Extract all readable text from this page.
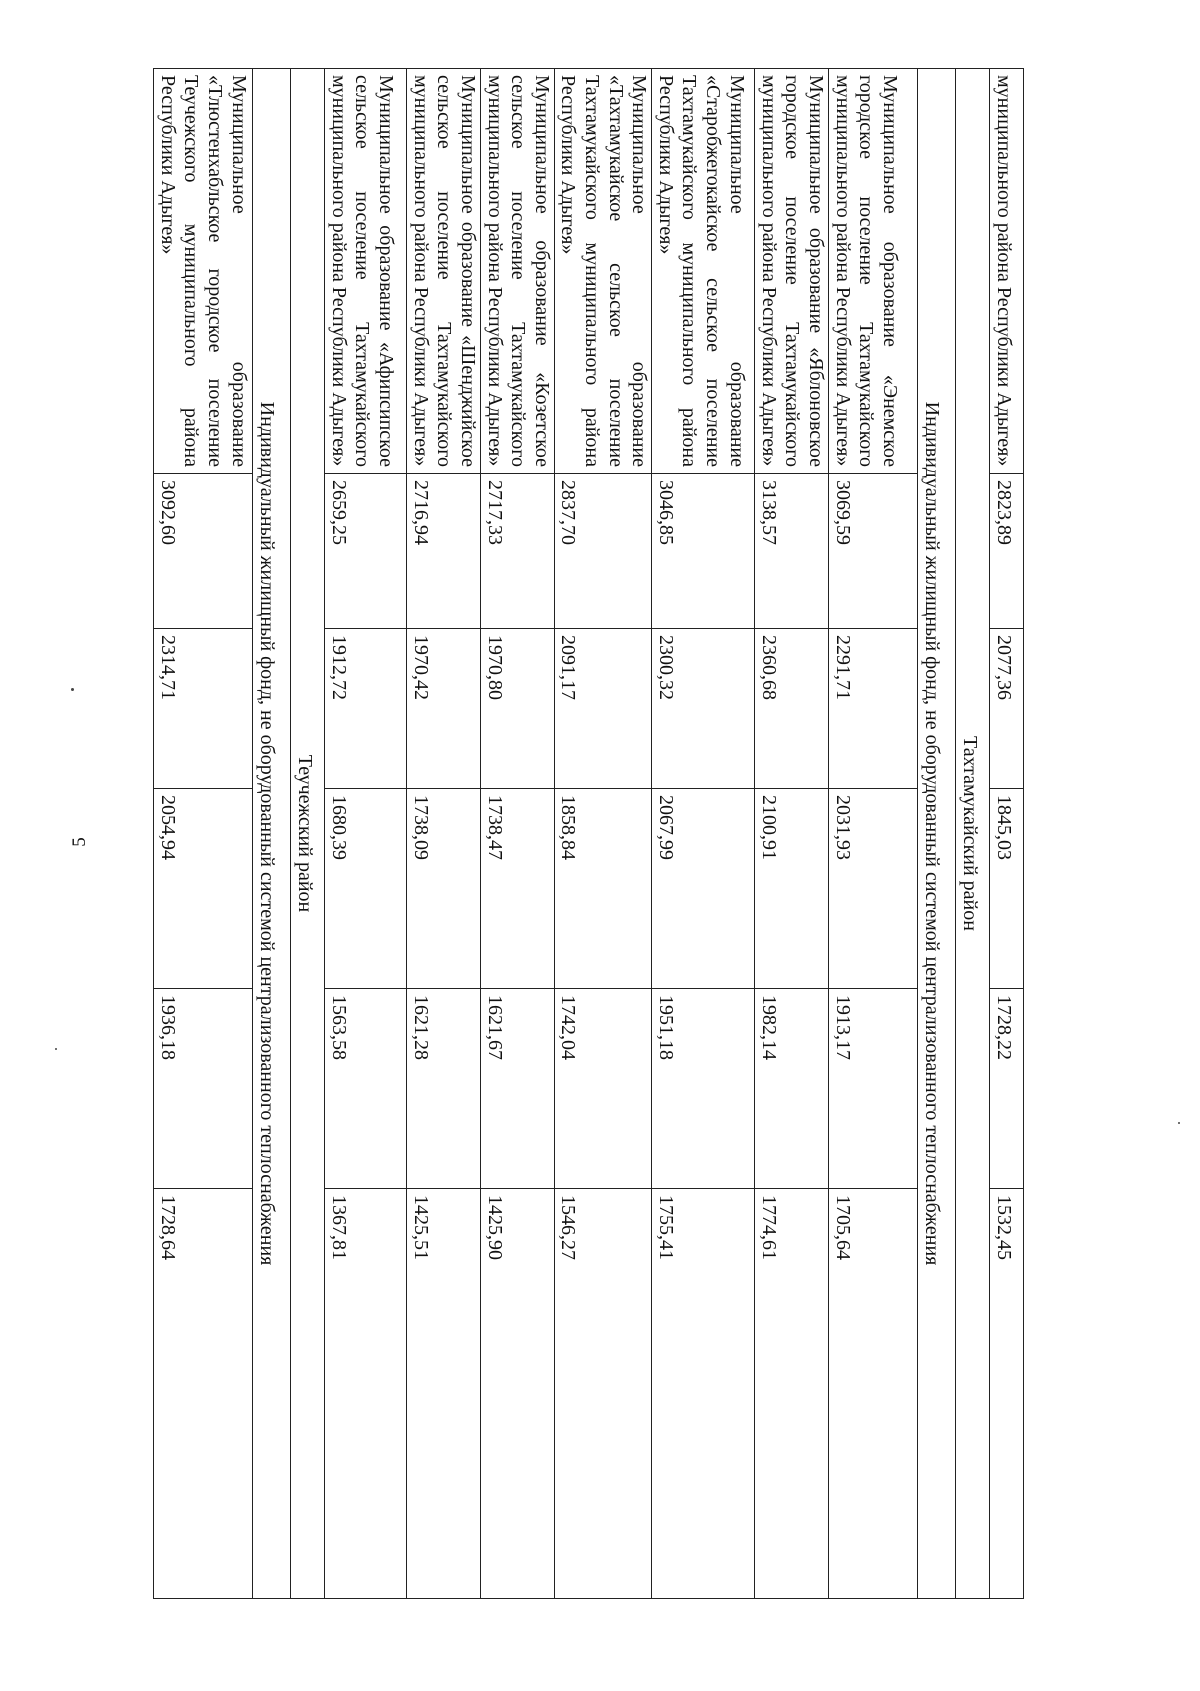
5
муниципального района Республики Адыгея»	2823,89	2077,36	1845,03	1728,22	1532,45
Тахтамукайский район					
Индивидуальный жилищный фонд, не оборудованный системой централизованного теплоснабжения					
Муниципальное образование «Энемское городское поселение Тахтамукайского муниципального района Республики Адыгея»	3069,59	2291,71	2031,93	1913,17	1705,64
Муниципальное образование «Яблоновское городское поселение Тахтамукайского муниципального района Республики Адыгея»	3138,57	2360,68	2100,91	1982,14	1774,61
Муниципальное образование «Старобжегокайское сельское поселение Тахтамукайского муниципального района Республики Адыгея»	3046,85	2300,32	2067,99	1951,18	1755,41
Муниципальное образование «Тахтамукайское сельское поселение Тахтамукайского муниципального района Республики Адыгея»	2837,70	2091,17	1858,84	1742,04	1546,27
Муниципальное образование «Козетское сельское поселение Тахтамукайского муниципального района Республики Адыгея»	2717,33	1970,80	1738,47	1621,67	1425,90
Муниципальное образование «Шенджийское сельское поселение Тахтамукайского муниципального района Республики Адыгея»	2716,94	1970,42	1738,09	1621,28	1425,51
Муниципальное образование «Афипсипское сельское поселение Тахтамукайского муниципального района Республики Адыгея»	2659,25	1912,72	1680,39	1563,58	1367,81
Теучежский район					
Индивидуальный жилищный фонд, не оборудованный системой централизованного теплоснабжения					
Муниципальное образование «Тлюстенхабльское городское поселение Теучежского муниципального района Республики Адыгея»	3092,60	2314,71	2054,94	1936,18	1728,64
